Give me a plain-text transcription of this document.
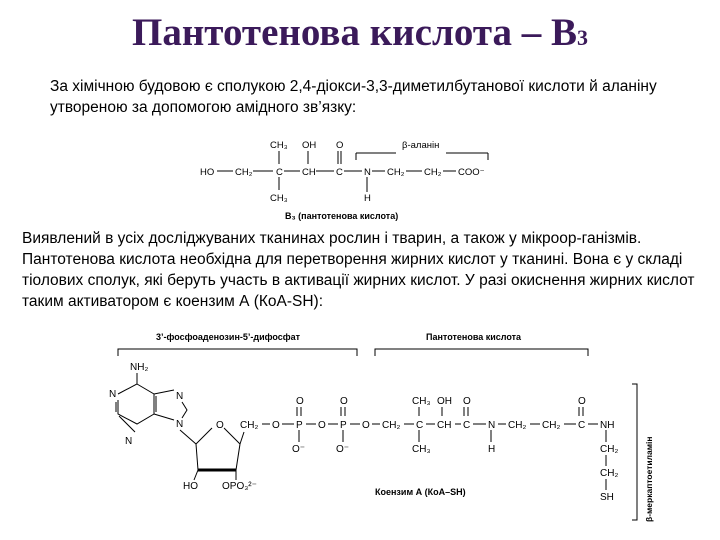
Пантотенова кислота – В3
За хімічною будовою є сполукою 2,4-діокси-3,3-диметилбутанової кислоти й аланіну утвореною за допомогою амідного зв’язку:
CH₃ OH O	β-аланін
HO CH₂ C CH C N CH₂ CH₂ COO⁻
CH₃	H
В₃ (пантотенова кислота)
Виявлений в усіх досліджуваних тканинах рослин і тварин, а також у мікроор-ганізмів. Пантотенова кислота необхідна для перетворення жирних кислот у тканині. Вона є у складі тіолових сполук, які беруть участь в активації жирних кислот. У разі окиснення жирних кислот таким активатором є коензим А (КоА-SH):
3’-фосфоаденозин-5’-дифосфат	Пантотенова кислота
β-меркаптоетиламін
Коензим А (КоА–SH)
NH₂
N	N
N
N	O CH₂ O P O P O CH₂ C CH C N CH₂ CH₂ C NH
CH₂
CH₂
SH
O	O	CH₃ OH O	O
O⁻	O⁻	CH₃	H
HO OPO₃²⁻
